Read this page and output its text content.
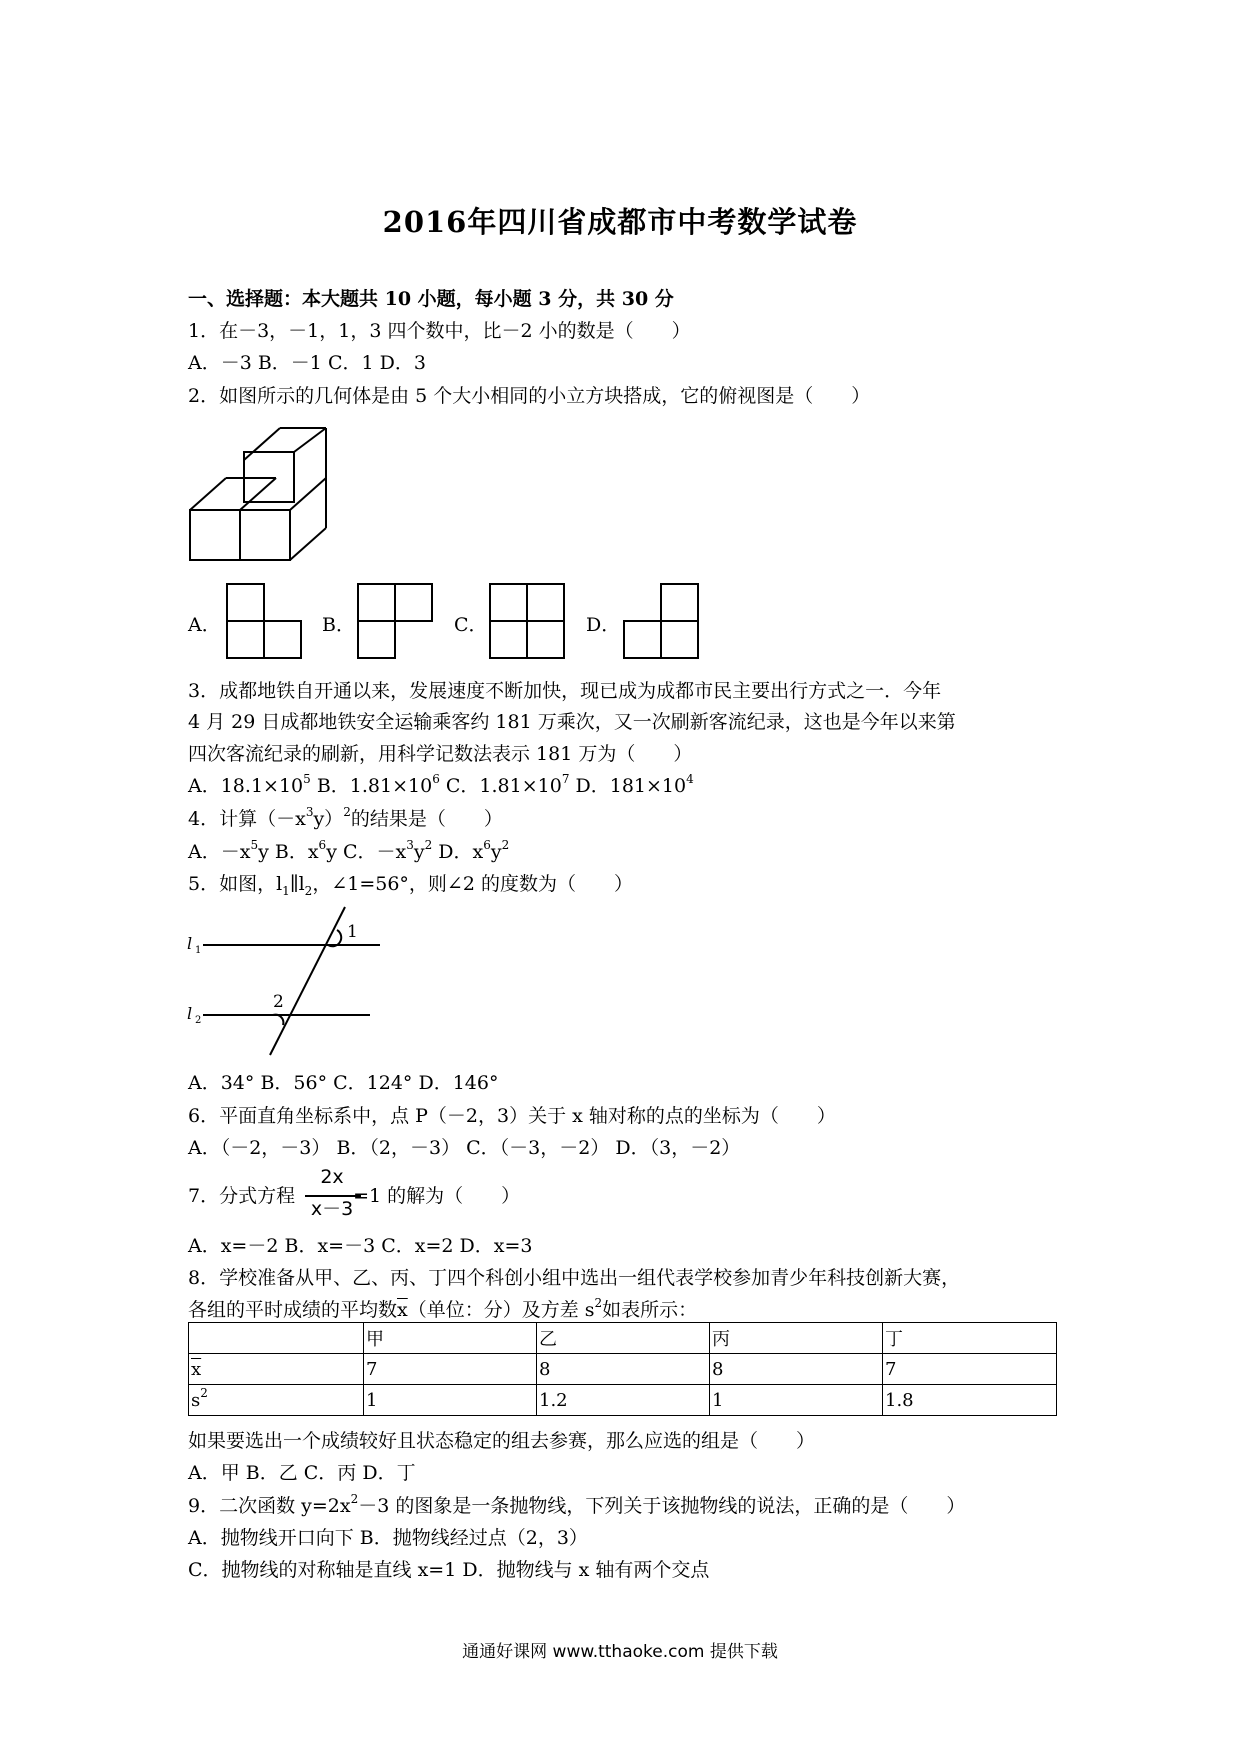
2016年四川省成都市中考数学试卷
一、选择题：本大题共 10 小题，每小题 3 分，共 30 分
1．在－3，－1，1，3 四个数中，比－2 小的数是（　　）
A．－3 B．－1 C．1 D．3
2．如图所示的几何体是由 5 个大小相同的小立方块搭成，它的俯视图是（　　）
A．	B．	C．	D．
3．成都地铁自开通以来，发展速度不断加快，现已成为成都市民主要出行方式之一．今年
4 月 29 日成都地铁安全运输乘客约 181 万乘次，又一次刷新客流纪录，这也是今年以来第
四次客流纪录的刷新，用科学记数法表示 181 万为（　　）
A．$18.1\times 10^5$ B．$1.81\times 10^6$ C．$1.81\times 10^7$ D．$181\times 10^4$
4．计算$(-x^3y)^2$的结果是（　　）
A．$-x^5y$ B．$x^6y$ C．$-x^3y^2$ D．$x^6y^2$
5．如图，$l_1\parallel l_2$，∠1=56°，则∠2 的度数为（　　）
l 1
l 2
1
2
A．34° B．56° C．124° D．146°
6．平面直角坐标系中，点 P（－2，3）关于 x 轴对称的点的坐标为（　　）
A．（－2，－3） B．（2，－3） C．（－3，－2） D．（3，－2）
7．分式方程	=1 的解为（　　）
2x
x－3
A．x=－2 B．x=－3 C．x=2 D．x=3
8．学校准备从甲、乙、丙、丁四个科创小组中选出一组代表学校参加青少年科技创新大赛，
各组的平时成绩的平均数$\overline{x}$（单位：分）及方差 $s^2$如表所示：
	甲	乙	丙	丁
$\overline{x}$	7	8	8	7
$s^2$	1	1.2	1	1.8
如果要选出一个成绩较好且状态稳定的组去参赛，那么应选的组是（　　）
A．甲 B．乙 C．丙 D．丁
9．二次函数 $y=2x^2-3$ 的图象是一条抛物线，下列关于该抛物线的说法，正确的是（　　）
A．抛物线开口向下 B．抛物线经过点（2，3）
C．抛物线的对称轴是直线 x=1 D．抛物线与 x 轴有两个交点
通通好课网 www.tthaoke.com 提供下载
